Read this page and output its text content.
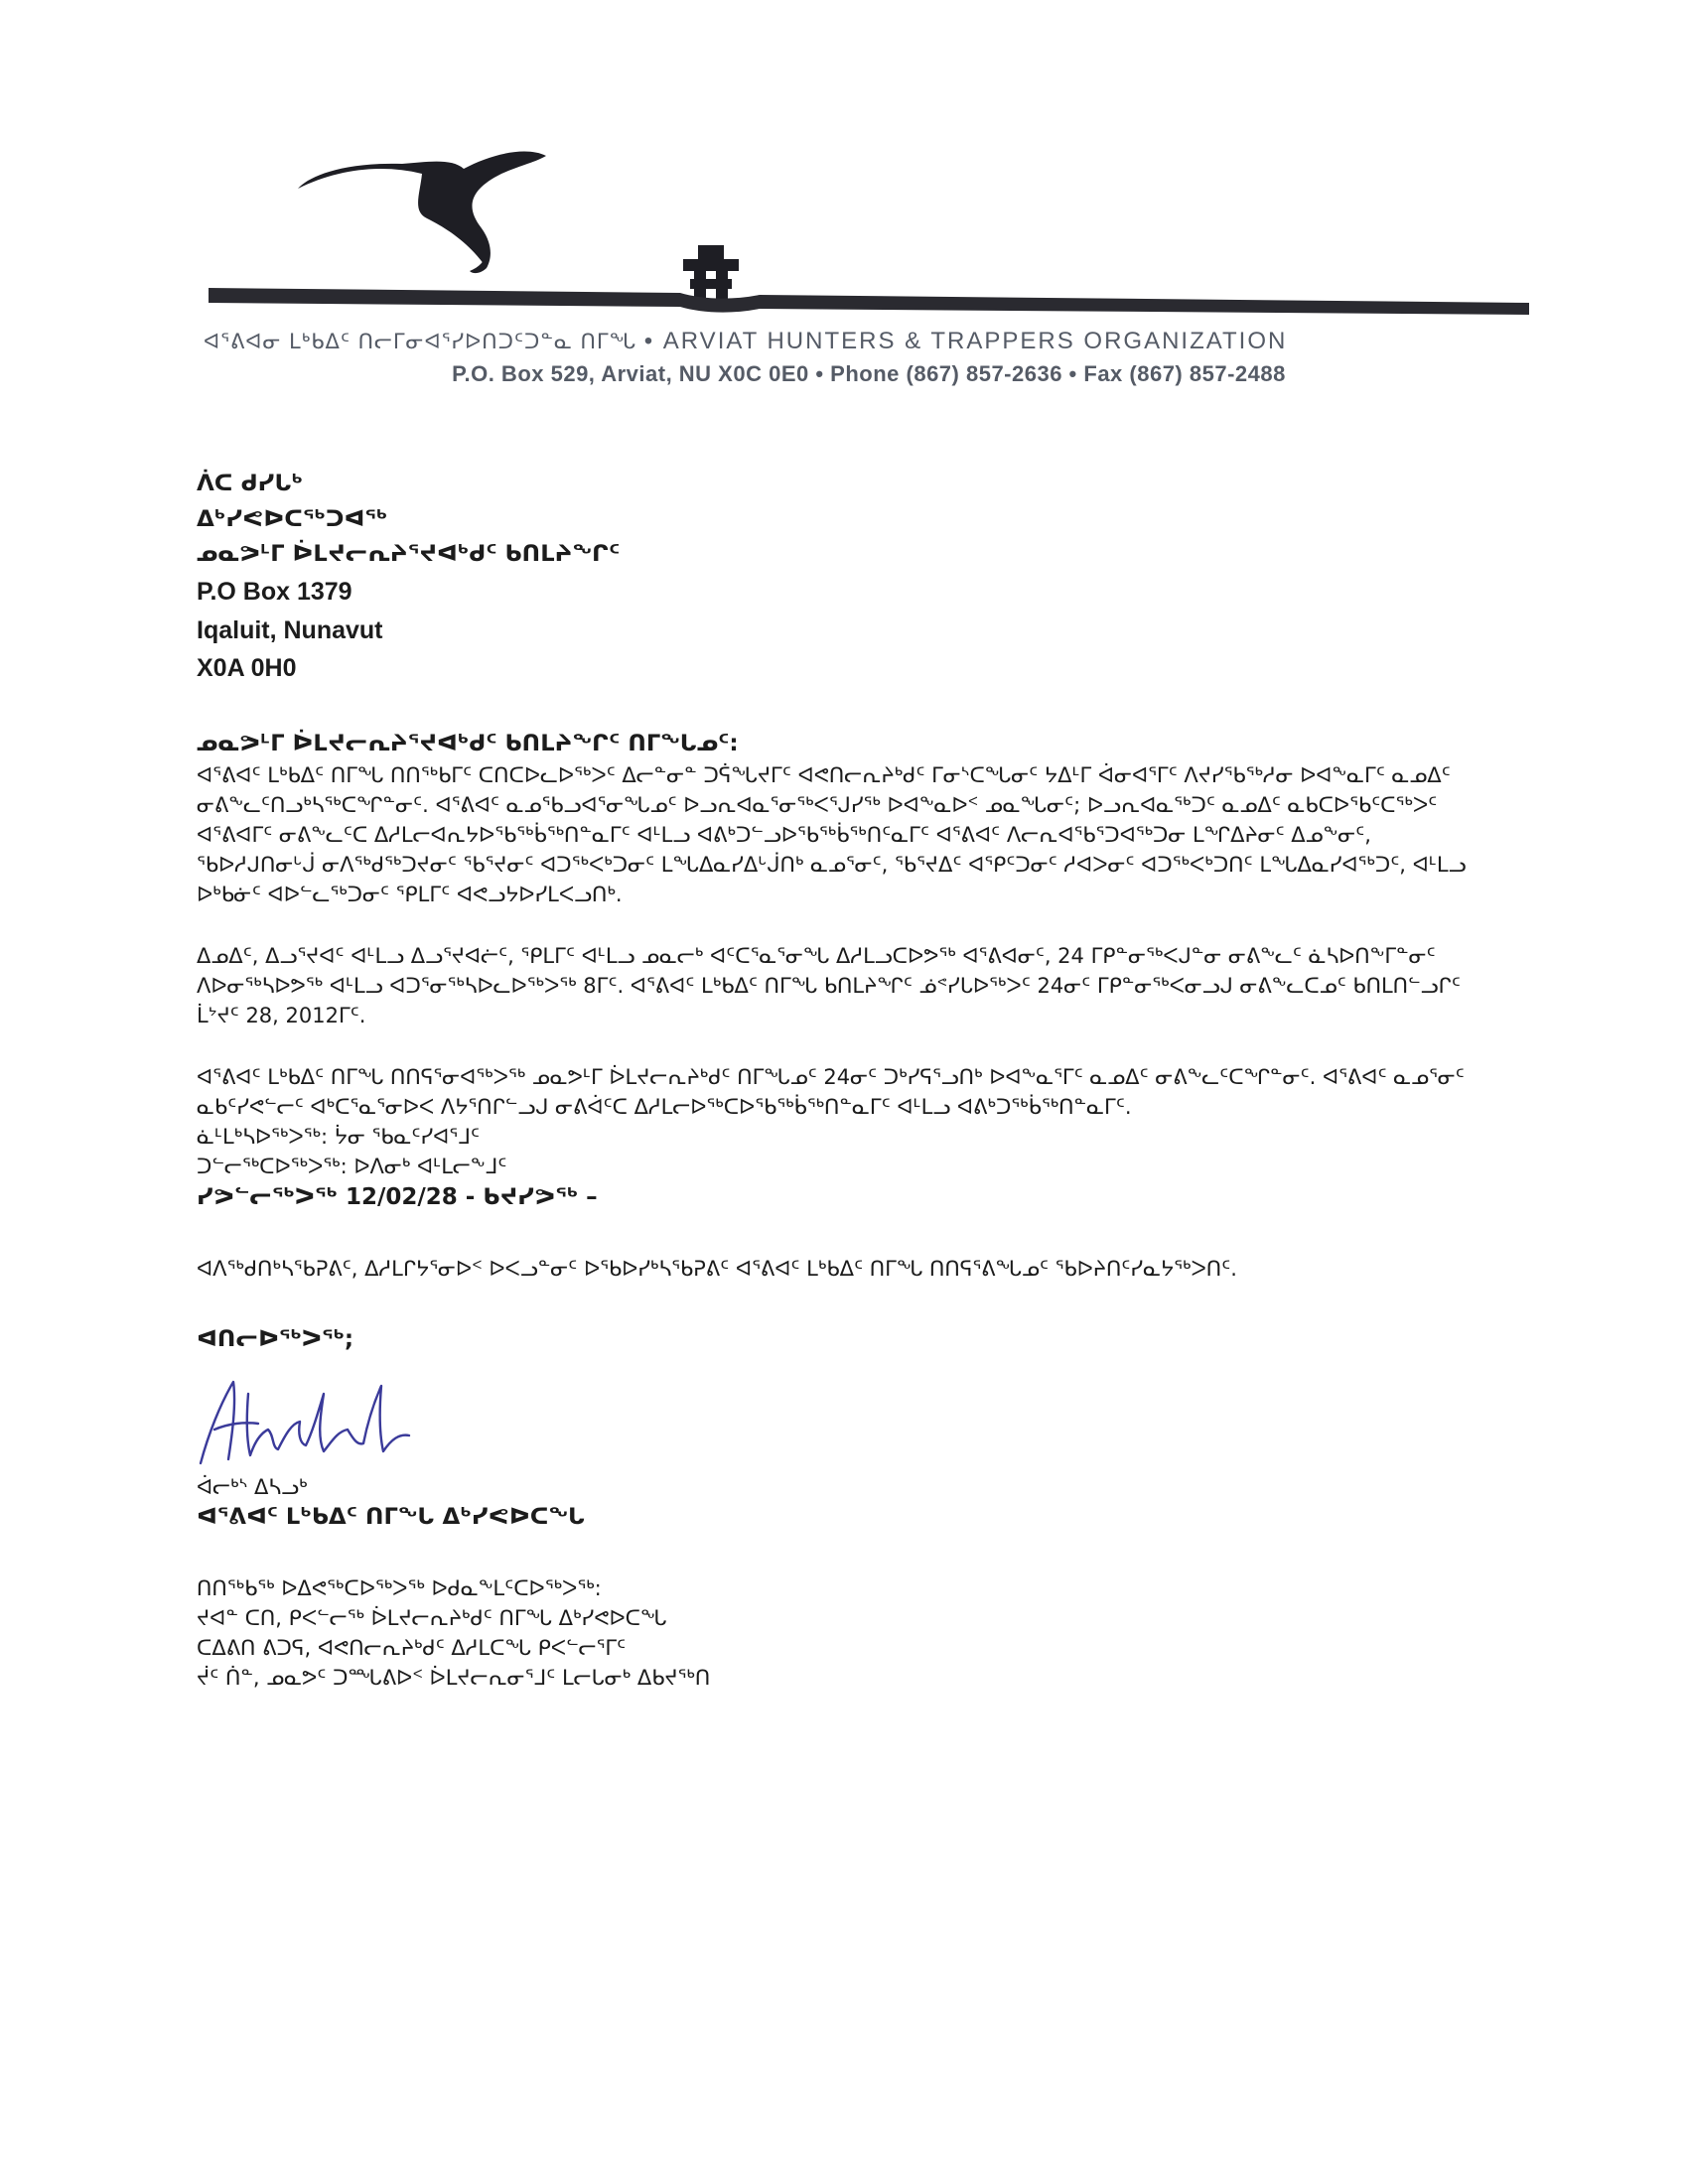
ᐊᕐᕕᐊᓂ ᒪᒃᑲᐃᑦ ᑎᓕᒥᓂᐊᕐᓯᐅᑎᑐᑦᑐᓐᓇ ᑎᒥᖓ • ARVIAT HUNTERS & TRAPPERS ORGANIZATION
P.O. Box 529, Arviat, NU X0C 0E0 • Phone (867) 857-2636 • Fax (867) 857-2488
ᐲᑕ ᑯᓯᒐᒃ
ᐃᒃᓯᕙᐅᑕᖅᑐᐊᖅ
ᓄᓇᕗᒻᒥ ᐆᒪᔪᓕᕆᔨᕐᔪᐊᒃᑯᑦ ᑲᑎᒪᔨᖏᑦ
P.O Box 1379
Iqaluit, Nunavut
X0A 0H0
ᓄᓇᕗᒻᒥ ᐆᒪᔪᓕᕆᔨᕐᔪᐊᒃᑯᑦ ᑲᑎᒪᔨᖏᑦ ᑎᒥᖓᓄᑦ:

ᐊᕐᕕᐊᑦ ᒪᒃᑲᐃᑦ ᑎᒥᖓ ᑎᑎᖅᑲᒥᑦ ᑕᑎᑕᐅᓚᐅᖅᐳᑦ ᐃᓕᓐᓂᓐ ᑐᕌᖓᔪᒥᑦ ᐊᕙᑎᓕᕆᔨᒃᑯᑦ ᒥᓂᔅᑕᖓᓂᑦ ᔭᐃᒻᒥ ᐋᓂᐊᕐᒥᑦ ᐱᔪᓯᖃᖅᓱᓂ ᐅᐊᖕᓇᒥᑦ ᓇᓄᐃᑦ ᓂᕕᖕᓚᑦᑎᓗᒃᓴᖅᑕᖏᓐᓂᑦ. ᐊᕐᕕᐊᑦ ᓇᓄᖃᓗᐊᕐᓂᖓᓄᑦ ᐅᓗᕆᐊᓇᕐᓂᖅᐸᕐᒍᓯᖅ ᐅᐊᖕᓇᐅᑉ ᓄᓇᖓᓂᑦ; ᐅᓗᕆᐊᓇᖅᑐᑦ ᓇᓄᐃᑦ ᓇᑲᑕᐅᖃᑦᑕᖅᐳᑦ ᐊᕐᕕᐊᒥᑦ ᓂᕕᖕᓚᑦᑕ ᐃᓱᒪᓕᐊᕆᔭᐅᖃᖅᑳᖅᑎᓐᓇᒥᑦ ᐊᒻᒪᓗ ᐊᕕᒃᑐᓪᓗᐅᖃᖅᑳᖅᑎᑦᓇᒥᑦ ᐊᕐᕕᐊᑦ ᐱᓕᕆᐊᖃᕐᑐᐊᖅᑐᓂ ᒪᖏᐃᔨᓂᑦ ᐃᓄᖕᓂᑦ, ᖃᐅᓱᒍᑎᓂᒡᒎ ᓂᐱᖅᑯᖅᑐᔪᓂᑦ ᖃᕐᔪᓂᑦ ᐊᑐᖅᐸᒃᑐᓂᑦ ᒪᖓᐃᓇᓯᐃᒡᒎᑎᒃ ᓇᓄᕐᓂᑦ, ᖃᕐᔪᐃᑦ ᐊᕿᑦᑐᓂᑦ ᓱᐊᐳᓂᑦ ᐊᑐᖅᐸᒃᑐᑎᑦ ᒪᖓᐃᓇᓯᐊᖅᑐᑦ, ᐊᒻᒪᓗ ᐅᒃᑲᓃᑦ ᐊᐅᓪᓚᖅᑐᓂᑦ ᕿᒪᒥᑦ ᐊᕙᓗᔭᐅᓯᒪᐸᓗᑎᒃ.

ᐃᓄᐃᑦ, ᐃᓗᕐᔪᐊᑦ ᐊᒻᒪᓗ ᐃᓗᕐᔪᐊᓖᑦ, ᕿᒪᒥᑦ ᐊᒻᒪᓗ ᓄᓇᓕᒃ ᐊᑦᑕᕐᓇᕐᓂᖓ ᐃᓱᒪᓗᑕᐅᕗᖅ ᐊᕐᕕᐊᓂᑦ, 24 ᒥᑭᓐᓂᖅᐸᒍᓐᓂ ᓂᕕᖕᓚᑦ ᓈᓴᐅᑎᖕᒥᓐᓂᑦ ᐱᐅᓂᖅᓴᐅᕗᖅ ᐊᒻᒪᓗ ᐊᑐᕐᓂᖅᓴᐅᓚᐅᖅᐳᖅ 8ᒥᑦ. ᐊᕐᕕᐊᑦ ᒪᒃᑲᐃᑦ ᑎᒥᖓ ᑲᑎᒪᔨᖏᑦ ᓅᕝᓯᒐᐅᖅᐳᑦ 24ᓂᑦ ᒥᑭᓐᓂᖅᐸᓂᓗᒍ ᓂᕕᖕᓚᑕᓄᑦ ᑲᑎᒪᑎᓪᓗᒋᑦ ᒫᔾᔪᑦ 28, 2012ᒥᑦ.

ᐊᕐᕕᐊᑦ ᒪᒃᑲᐃᑦ ᑎᒥᖓ ᑎᑎᕋᕐᓂᐊᖅᐳᖅ ᓄᓇᕗᒻᒥ ᐆᒪᔪᓕᕆᔨᒃᑯᑦ ᑎᒥᖓᓄᑦ 24ᓂᑦ ᑐᒃᓯᕋᕐᓗᑎᒃ ᐅᐊᖕᓇᕐᒥᑦ ᓇᓄᐃᑦ ᓂᕕᖕᓚᑦᑕᖏᓐᓂᑦ. ᐊᕐᕕᐊᑦ ᓇᓄᕐᓂᑦ ᓇᑲᑦᓯᕙᓪᓕᑦ ᐊᒃᑕᕐᓇᕐᓂᐅᐸ ᐱᔭᕐᑎᒋᓪᓗᒍ ᓂᕕᐋᑦᑕ ᐃᓱᒪᓕᐅᖅᑕᐅᖃᖅᑳᖅᑎᓐᓇᒥᑦ ᐊᒻᒪᓗ ᐊᕕᒃᑐᖅᑳᖅᑎᓐᓇᒥᑦ.

ᓈᒻᒪᒃᓴᐅᖅᐳᖅ: ᔮᓂ ᖃᓇᑦᓯᐊᕐᒧᑦ
ᑐᓪᓕᖅᑕᐅᖅᐳᖅ: ᐅᐱᓂᒃ ᐊᒻᒪᓕᖕᒧᑦ
ᓯᕗᓪᓕᖅᐳᖅ 12/02/28 - ᑲᔪᓯᕗᖅ –

ᐊᐱᖅᑯᑎᒃᓴᖃᕈᕕᑦ, ᐃᓱᒪᒋᔭᕐᓂᐅᑉ ᐅᐸᓗᓐᓂᑦ ᐅᖃᐅᓯᒃᓴᖃᕈᕕᑦ ᐊᕐᕕᐊᑦ ᒪᒃᑲᐃᑦ ᑎᒥᖓ ᑎᑎᕋᕐᕕᖓᓄᑦ ᖃᐅᔨᑎᑦᓯᓇᔭᖅᐳᑎᑦ.

ᐊᑎᓕᐅᖅᐳᖅ;
ᐋᓕᒃᔅ ᐃᓴᓗᒃ
ᐊᕐᕕᐊᑦ ᒪᒃᑲᐃᑦ ᑎᒥᖓ ᐃᒃᓯᕙᐅᑕᖓ
ᑎᑎᖅᑲᖅ ᐅᐃᕙᖅᑕᐅᖅᐳᖅ ᐅᑯᓇᖕᒪᑦᑕᐅᖅᐳᖅ:
ᔪᐊᓐ ᑕᑎ, ᑭᐸᓪᓕᖅ ᐆᒪᔪᓕᕆᔨᒃᑯᑦ ᑎᒥᖓ ᐃᒃᓯᕙᐅᑕᖓ
ᑕᐃᕕᑎ ᕕᑐᕋ, ᐊᕙᑎᓕᕆᔨᒃᑯᑦ ᐃᓱᒪᑕᖓ ᑭᐸᓪᓕᕐᒥᑦ
ᔫᑦ ᑏᓐ, ᓄᓇᕗᑦ ᑐᙵᕕᐅᑉ ᐆᒪᔪᓕᕆᓂᕐᒧᑦ ᒪᓕᒐᓂᒃ ᐃᑲᔪᖅᑎ
